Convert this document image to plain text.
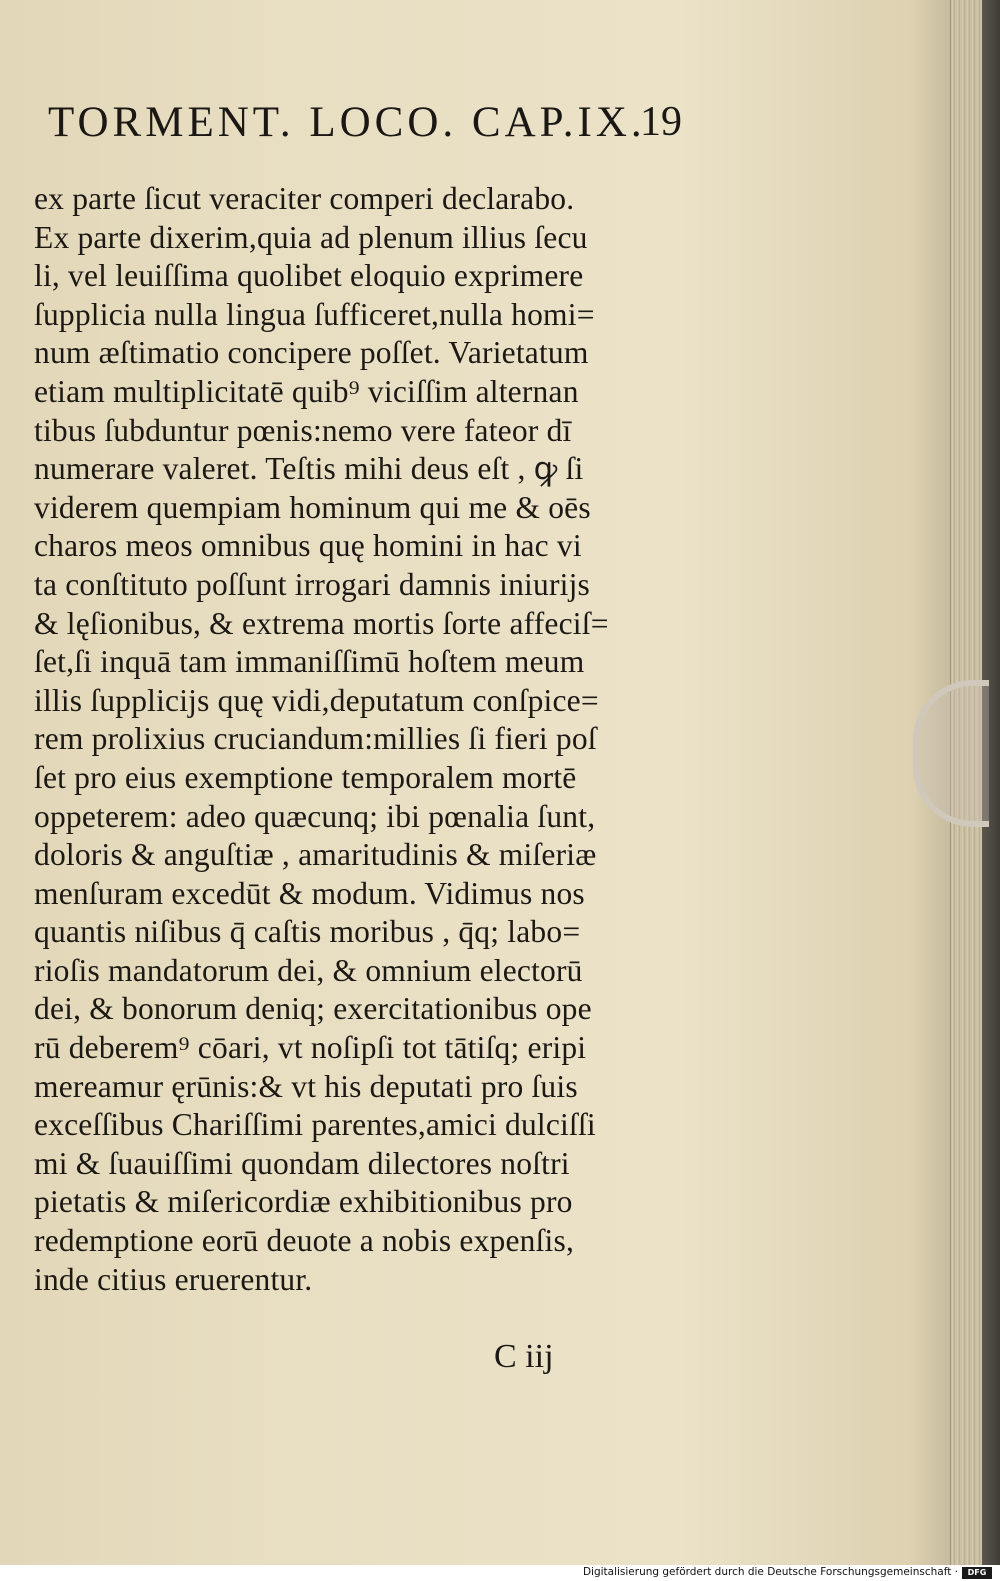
TORMENT. LOCO. CAP.IX.
19
ex parte ſicut veraciter comperi declarabo.
Ex parte dixerim,quia ad plenum illius ſecu
li, vel leuiſſima quolibet eloquio exprimere
ſupplicia nulla lingua ſufficeret,nulla homi=
num æſtimatio concipere poſſet. Varietatum
etiam multiplicitatē quib⁹ viciſſim alternan
tibus ſubduntur pœnis:nemo vere fateor dī
numerare valeret. Teſtis mihi deus eſt , ꝙ ſi
viderem quempiam hominum qui me & oēs
charos meos omnibus quę homini in hac vi
ta conſtituto poſſunt irrogari damnis iniurijs
& lęſionibus, & extrema mortis ſorte affeciſ=
ſet,ſi inquā tam immaniſſimū hoſtem meum
illis ſupplicijs quę vidi,deputatum conſpice=
rem prolixius cruciandum:millies ſi fieri poſ
ſet pro eius exemptione temporalem mortē
oppeterem: adeo quæcunq; ibi pœnalia ſunt,
doloris & anguſtiæ , amaritudinis & miſeriæ
menſuram excedūt & modum. Vidimus nos
quantis niſibus q̄ caſtis moribus , q̄q; labo=
rioſis mandatorum dei, & omnium electorū
dei, & bonorum deniq; exercitationibus ope
rū deberem⁹ cōari, vt noſipſi tot tātiſq; eripi
mereamur ęrūnis:& vt his deputati pro ſuis
exceſſibus Chariſſimi parentes,amici dulciſſi
mi & ſuauiſſimi quondam dilectores noſtri
pietatis & miſericordiæ exhibitionibus pro
redemptione eorū deuote a nobis expenſis,
inde citius eruerentur.
C iij
Digitalisierung gefördert durch die Deutsche Forschungsgemeinschaft ·	DFG
